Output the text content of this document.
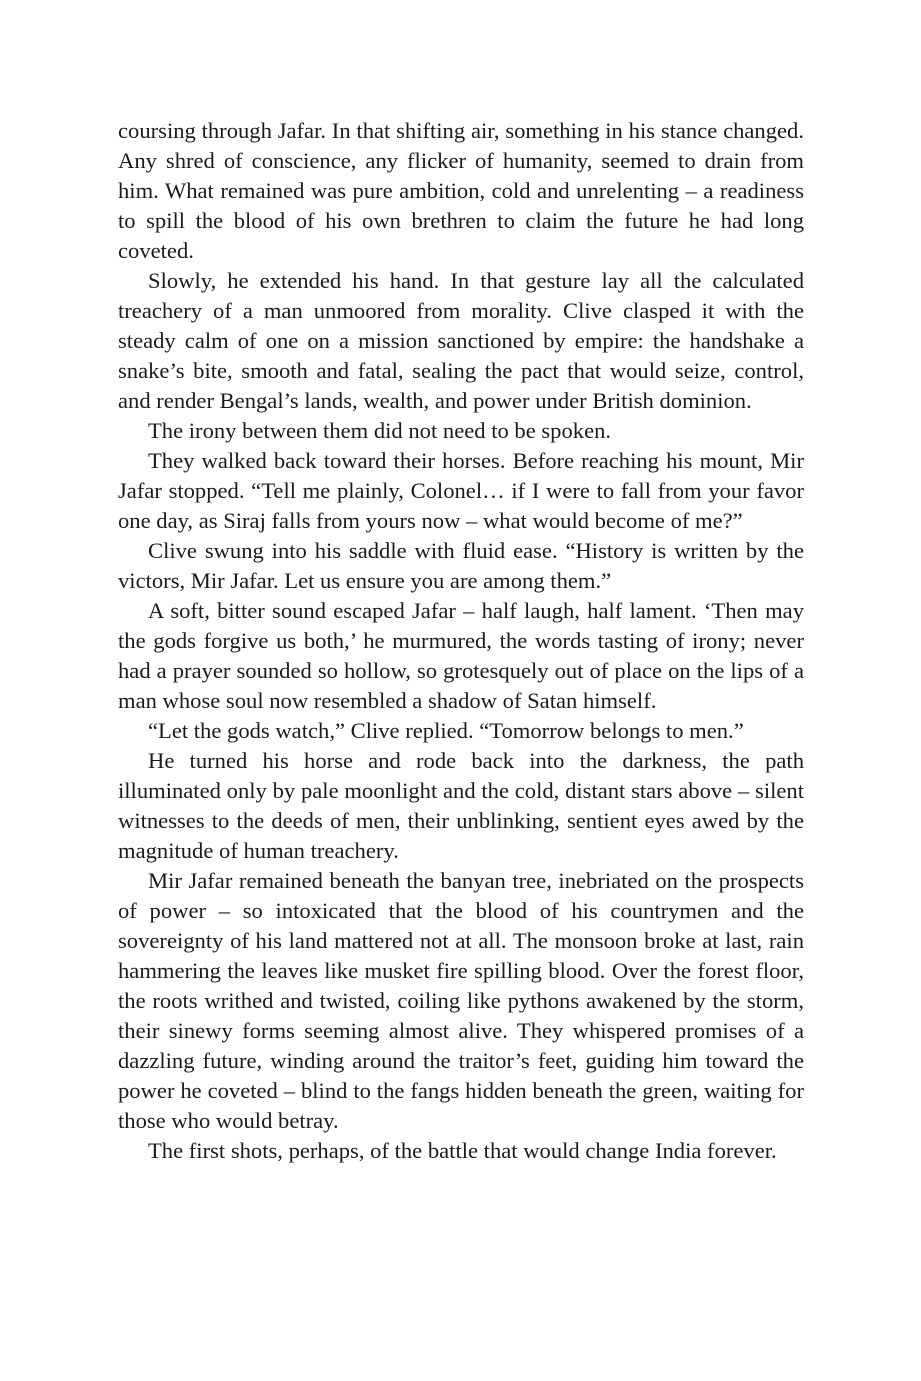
coursing through Jafar. In that shifting air, something in his stance changed. Any shred of conscience, any flicker of humanity, seemed to drain from him. What remained was pure ambition, cold and unrelenting – a readiness to spill the blood of his own brethren to claim the future he had long coveted.

Slowly, he extended his hand. In that gesture lay all the calculated treachery of a man unmoored from morality. Clive clasped it with the steady calm of one on a mission sanctioned by empire: the handshake a snake’s bite, smooth and fatal, sealing the pact that would seize, control, and render Bengal’s lands, wealth, and power under British dominion.

The irony between them did not need to be spoken.

They walked back toward their horses. Before reaching his mount, Mir Jafar stopped. “Tell me plainly, Colonel… if I were to fall from your favor one day, as Siraj falls from yours now – what would become of me?”

Clive swung into his saddle with fluid ease. “History is written by the victors, Mir Jafar. Let us ensure you are among them.”

A soft, bitter sound escaped Jafar – half laugh, half lament. ‘Then may the gods forgive us both,’ he murmured, the words tasting of irony; never had a prayer sounded so hollow, so grotesquely out of place on the lips of a man whose soul now resembled a shadow of Satan himself.

“Let the gods watch,” Clive replied. “Tomorrow belongs to men.”

He turned his horse and rode back into the darkness, the path illuminated only by pale moonlight and the cold, distant stars above – silent witnesses to the deeds of men, their unblinking, sentient eyes awed by the magnitude of human treachery.

Mir Jafar remained beneath the banyan tree, inebriated on the prospects of power – so intoxicated that the blood of his countrymen and the sovereignty of his land mattered not at all. The monsoon broke at last, rain hammering the leaves like musket fire spilling blood. Over the forest floor, the roots writhed and twisted, coiling like pythons awakened by the storm, their sinewy forms seeming almost alive. They whispered promises of a dazzling future, winding around the traitor’s feet, guiding him toward the power he coveted – blind to the fangs hidden beneath the green, waiting for those who would betray.

The first shots, perhaps, of the battle that would change India forever.
